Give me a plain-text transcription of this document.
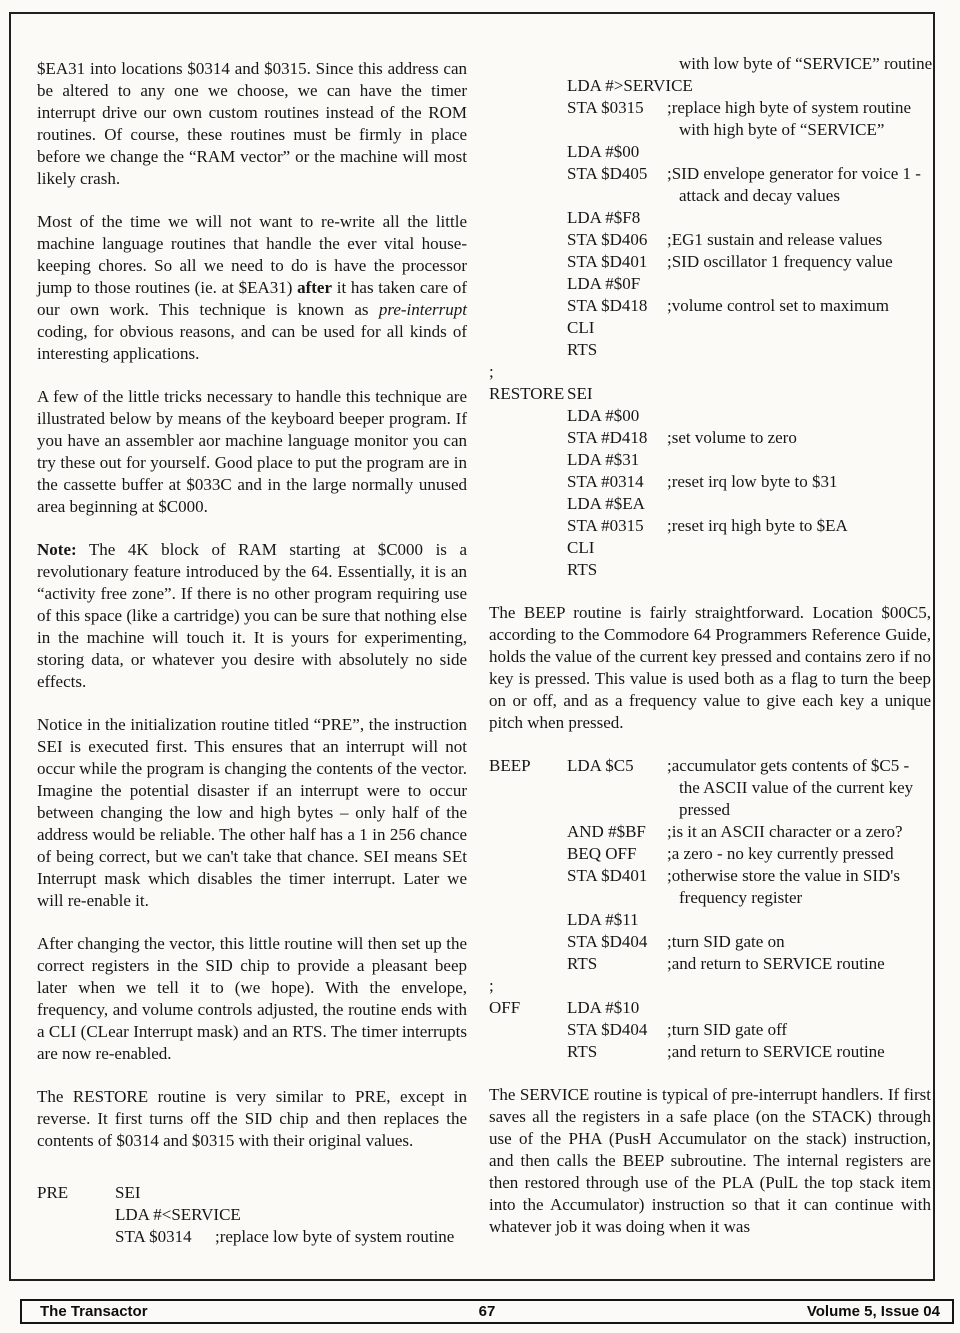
$EA31 into locations $0314 and $0315. Since this address can be altered to any one we choose, we can have the timer interrupt drive our own custom routines instead of the ROM routines. Of course, these routines must be firmly in place before we change the “RAM vector” or the machine will most likely crash.

Most of the time we will not want to re-write all the little machine language routines that handle the ever vital house-keeping chores. So all we need to do is have the processor jump to those routines (ie. at $EA31) after it has taken care of our own work. This technique is known as pre-interrupt coding, for obvious reasons, and can be used for all kinds of interesting applications.

A few of the little tricks necessary to handle this technique are illustrated below by means of the keyboard beeper program. If you have an assembler aor machine language monitor you can try these out for yourself. Good place to put the program are in the cassette buffer at $033C and in the large normally unused area beginning at $C000.

Note: The 4K block of RAM starting at $C000 is a revolutionary feature introduced by the 64. Essentially, it is an “activity free zone”. If there is no other program requiring use of this space (like a cartridge) you can be sure that nothing else in the machine will touch it. It is yours for experimenting, storing data, or whatever you desire with absolutely no side effects.

Notice in the initialization routine titled “PRE”, the instruction SEI is executed first. This ensures that an interrupt will not occur while the program is changing the contents of the vector. Imagine the potential disaster if an interrupt were to occur between changing the low and high bytes – only half of the address would be reliable. The other half has a 1 in 256 chance of being correct, but we can't take that chance. SEI means SEt Interrupt mask which disables the timer interrupt. Later we will re-enable it.

After changing the vector, this little routine will then set up the correct registers in the SID chip to provide a pleasant beep later when we tell it to (we hope). With the envelope, frequency, and volume controls adjusted, the routine ends with a CLI (CLear Interrupt mask) and an RTS. The timer interrupts are now re-enabled.

The RESTORE routine is very similar to PRE, except in reverse. It first turns off the SID chip and then replaces the contents of $0314 and $0315 with their original values.

PRE	SEI
LDA #<SERVICE
STA $0314	;replace low byte of system routine
with low byte of “SERVICE” routine
LDA #>SERVICE
STA $0315	;replace high byte of system routine
with high byte of “SERVICE”
LDA #$00
STA $D405	;SID envelope generator for voice 1 -
attack and decay values
LDA #$F8
STA $D406	;EG1 sustain and release values
STA $D401	;SID oscillator 1 frequency value
LDA #$0F
STA $D418	;volume control set to maximum
CLI
RTS
;
RESTORE SEI
LDA #$00
STA #D418	;set volume to zero
LDA #$31
STA #0314	;reset irq low byte to $31
LDA #$EA
STA #0315	;reset irq high byte to $EA
CLI
RTS

The BEEP routine is fairly straightforward. Location $00C5, according to the Commodore 64 Programmers Reference Guide, holds the value of the current key pressed and contains zero if no key is pressed. This value is used both as a flag to turn the beep on or off, and as a frequency value to give each key a unique pitch when pressed.

BEEP	LDA $C5	;accumulator gets contents of $C5 -
the ASCII value of the current key
pressed
AND #$BF	;is it an ASCII character or a zero?
BEQ OFF	;a zero - no key currently pressed
STA $D401	;otherwise store the value in SID's
frequency register
LDA #$11
STA $D404	;turn SID gate on
RTS	;and return to SERVICE routine
;
OFF	LDA #$10
STA $D404	;turn SID gate off
RTS	;and return to SERVICE routine

The SERVICE routine is typical of pre-interrupt handlers. If first saves all the registers in a safe place (on the STACK) through use of the PHA (PusH Accumulator on the stack) instruction, and then calls the BEEP subroutine. The internal registers are then restored through use of the PLA (PulL the top stack item into the Accumulator) instruction so that it can continue with whatever job it was doing when it was

The Transactor	67	Volume 5, Issue 04
